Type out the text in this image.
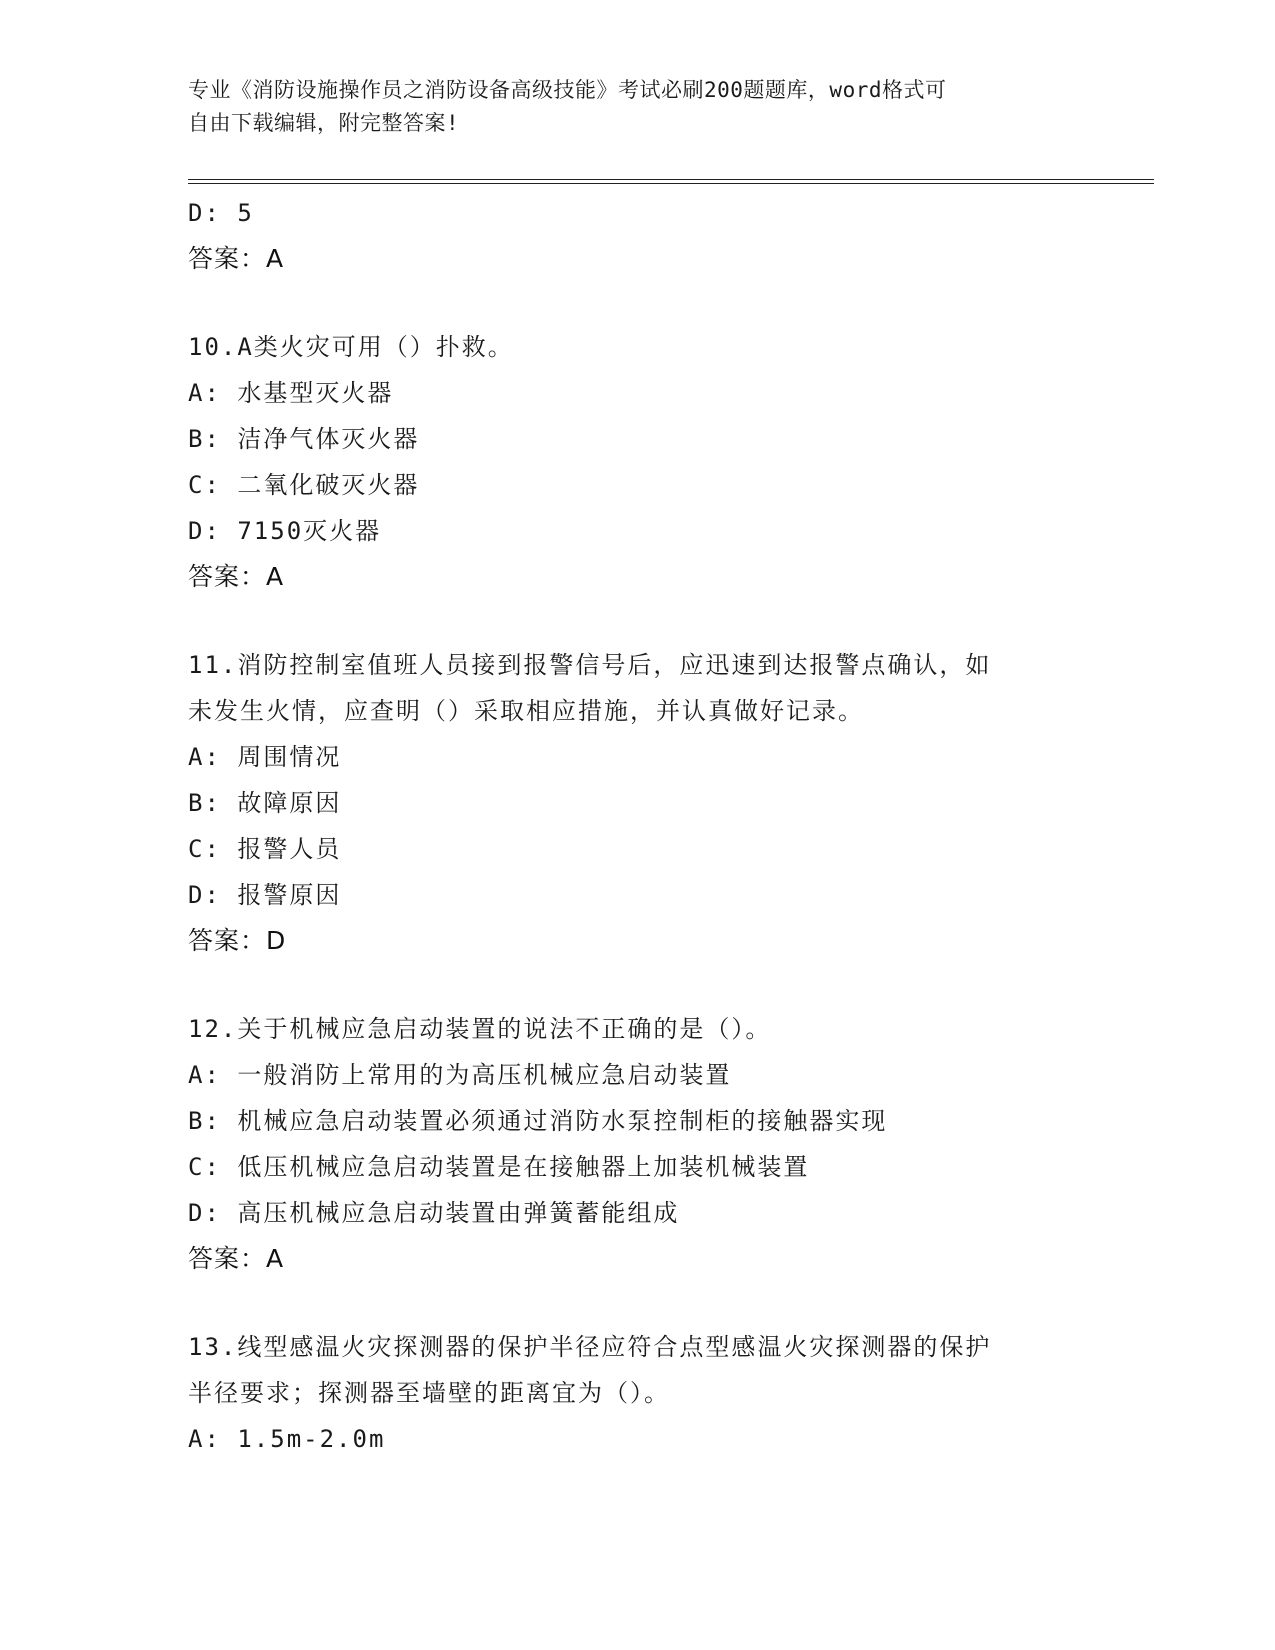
专业《消防设施操作员之消防设备高级技能》考试必刷200题题库，word格式可
自由下载编辑，附完整答案!
D: 5
答案：A
10.A类火灾可用（）扑救。
A: 水基型灭火器
B: 洁净气体灭火器
C: 二氧化破灭火器
D: 7150灭火器
答案：A
11.消防控制室值班人员接到报警信号后，应迅速到达报警点确认，如
未发生火情，应查明（）采取相应措施，并认真做好记录。
A: 周围情况
B: 故障原因
C: 报警人员
D: 报警原因
答案：D
12.关于机械应急启动装置的说法不正确的是（）。
A: 一般消防上常用的为高压机械应急启动装置
B: 机械应急启动装置必须通过消防水泵控制柜的接触器实现
C: 低压机械应急启动装置是在接触器上加装机械装置
D: 高压机械应急启动装置由弹簧蓄能组成
答案：A
13.线型感温火灾探测器的保护半径应符合点型感温火灾探测器的保护
半径要求；探测器至墙壁的距离宜为（）。
A: 1.5m-2.0m
